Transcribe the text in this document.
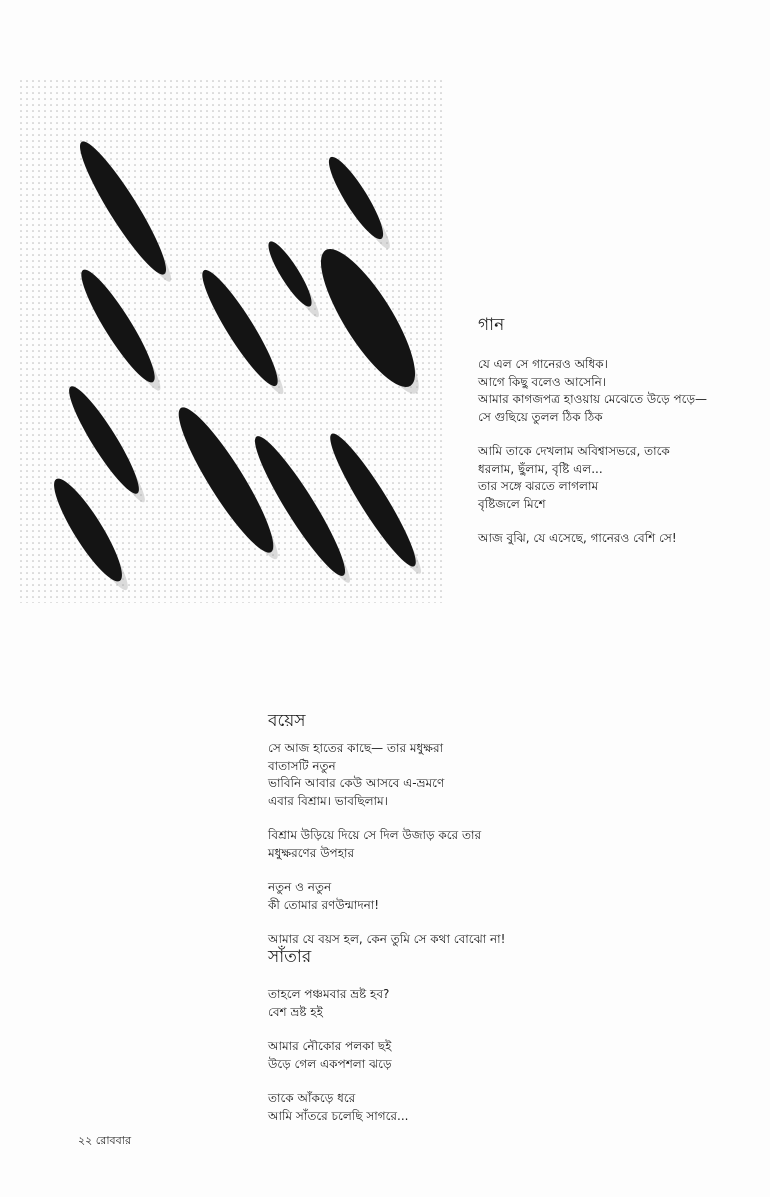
গান
যে এল সে গানেরও অধিক।
আগে কিছু বলেও আসেনি।
আমার কাগজপত্র হাওয়ায় মেঝেতে উড়ে পড়ে—
সে গুছিয়ে তুলল ঠিক ঠিক
আমি তাকে দেখলাম অবিশ্বাসভরে, তাকে
ধরলাম, ছুঁলাম, বৃষ্টি এল...
তার সঙ্গে ঝরতে লাগলাম
বৃষ্টিজলে মিশে
আজ বুঝি, যে এসেছে, গানেরও বেশি সে!
বয়েস
সে আজ হাতের কাছে— তার মধুক্ষরা
বাতাসটি নতুন
ভাবিনি আবার কেউ আসবে এ-ভ্রমণে
এবার বিশ্রাম। ভাবছিলাম।
বিশ্রাম উড়িয়ে দিয়ে সে দিল উজাড় করে তার
মধুক্ষরণের উপহার
নতুন ও নতুন
কী তোমার রণউন্মাদনা!
আমার যে বয়স হল, কেন তুমি সে কথা বোঝো না!
সাঁতার
তাহলে পঞ্চমবার ভ্রষ্ট হব?
বেশ ভ্রষ্ট হই
আমার নৌকোর পলকা ছই
উড়ে গেল একপশলা ঝড়ে
তাকে আঁকড়ে ধরে
আমি সাঁতরে চলেছি সাগরে...
২২ রোববার
